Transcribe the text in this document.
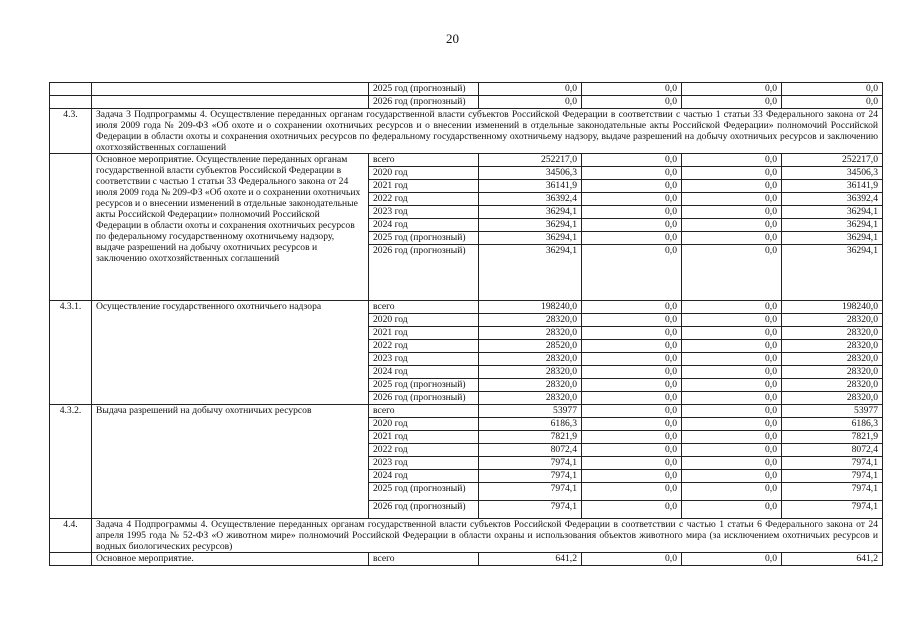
20
		2025 год (прогнозный)	0,0	0,0	0,0	0,0
		2026 год (прогнозный)	0,0	0,0	0,0	0,0
4.3.	Задача 3 Подпрограммы 4. Осуществление переданных органам государственной власти субъектов Российской Федерации в соответствии с частью 1 статьи 33 Федерального закона от 24 июля 2009 года № 209-ФЗ «Об охоте и о сохранении охотничьих ресурсов и о внесении изменений в отдельные законодательные акты Российской Федерации» полномочий Российской Федерации в области охоты и сохранения охотничьих ресурсов по федеральному государственному охотничьему надзору, выдаче разрешений на добычу охотничьих ресурсов и заключению охотхозяйственных соглашений					
	Основное мероприятие. Осуществление переданных органам государственной власти субъектов Российской Федерации в соответствии с частью 1 статьи 33 Федерального закона от 24 июля 2009 года № 209-ФЗ «Об охоте и о сохранении охотничьих ресурсов и о внесении изменений в отдельные законодательные акты Российской Федерации» полномочий Российской Федерации в области охоты и сохранения охотничьих ресурсов по федеральному государственному охотничьему надзору, выдаче разрешений на добычу охотничьих ресурсов и заключению охотхозяйственных соглашений	всего	252217,0	0,0	0,0	252217,0
		2020 год	34506,3	0,0	0,0	34506,3
		2021 год	36141,9	0,0	0,0	36141,9
		2022 год	36392,4	0,0	0,0	36392,4
		2023 год	36294,1	0,0	0,0	36294,1
		2024 год	36294,1	0,0	0,0	36294,1
		2025 год (прогнозный)	36294,1	0,0	0,0	36294,1
		2026 год (прогнозный)	36294,1	0,0	0,0	36294,1
4.3.1.	Осуществление государственного охотничьего надзора	всего	198240,0	0,0	0,0	198240,0
		2020 год	28320,0	0,0	0,0	28320,0
		2021 год	28320,0	0,0	0,0	28320,0
		2022 год	28520,0	0,0	0,0	28320,0
		2023 год	28320,0	0,0	0,0	28320,0
		2024 год	28320,0	0,0	0,0	28320,0
		2025 год (прогнозный)	28320,0	0,0	0,0	28320,0
		2026 год (прогнозный)	28320,0	0,0	0,0	28320,0
4.3.2.	Выдача разрешений на добычу охотничьих ресурсов	всего	53977	0,0	0,0	53977
		2020 год	6186,3	0,0	0,0	6186,3
		2021 год	7821,9	0,0	0,0	7821,9
		2022 год	8072,4	0,0	0,0	8072,4
		2023 год	7974,1	0,0	0,0	7974,1
		2024 год	7974,1	0,0	0,0	7974,1
		2025 год (прогнозный)	7974,1	0,0	0,0	7974,1
		2026 год (прогнозный)	7974,1	0,0	0,0	7974,1
4.4.	Задача 4 Подпрограммы 4. Осуществление переданных органам государственной власти субъектов Российской Федерации в соответствии с частью 1 статьи 6 Федерального закона от 24 апреля 1995 года № 52-ФЗ «О животном мире» полномочий Российской Федерации в области охраны и использования объектов животного мира (за исключением охотничьих ресурсов и водных биологических ресурсов)					
	Основное мероприятие.	всего	641,2	0,0	0,0	641,2
